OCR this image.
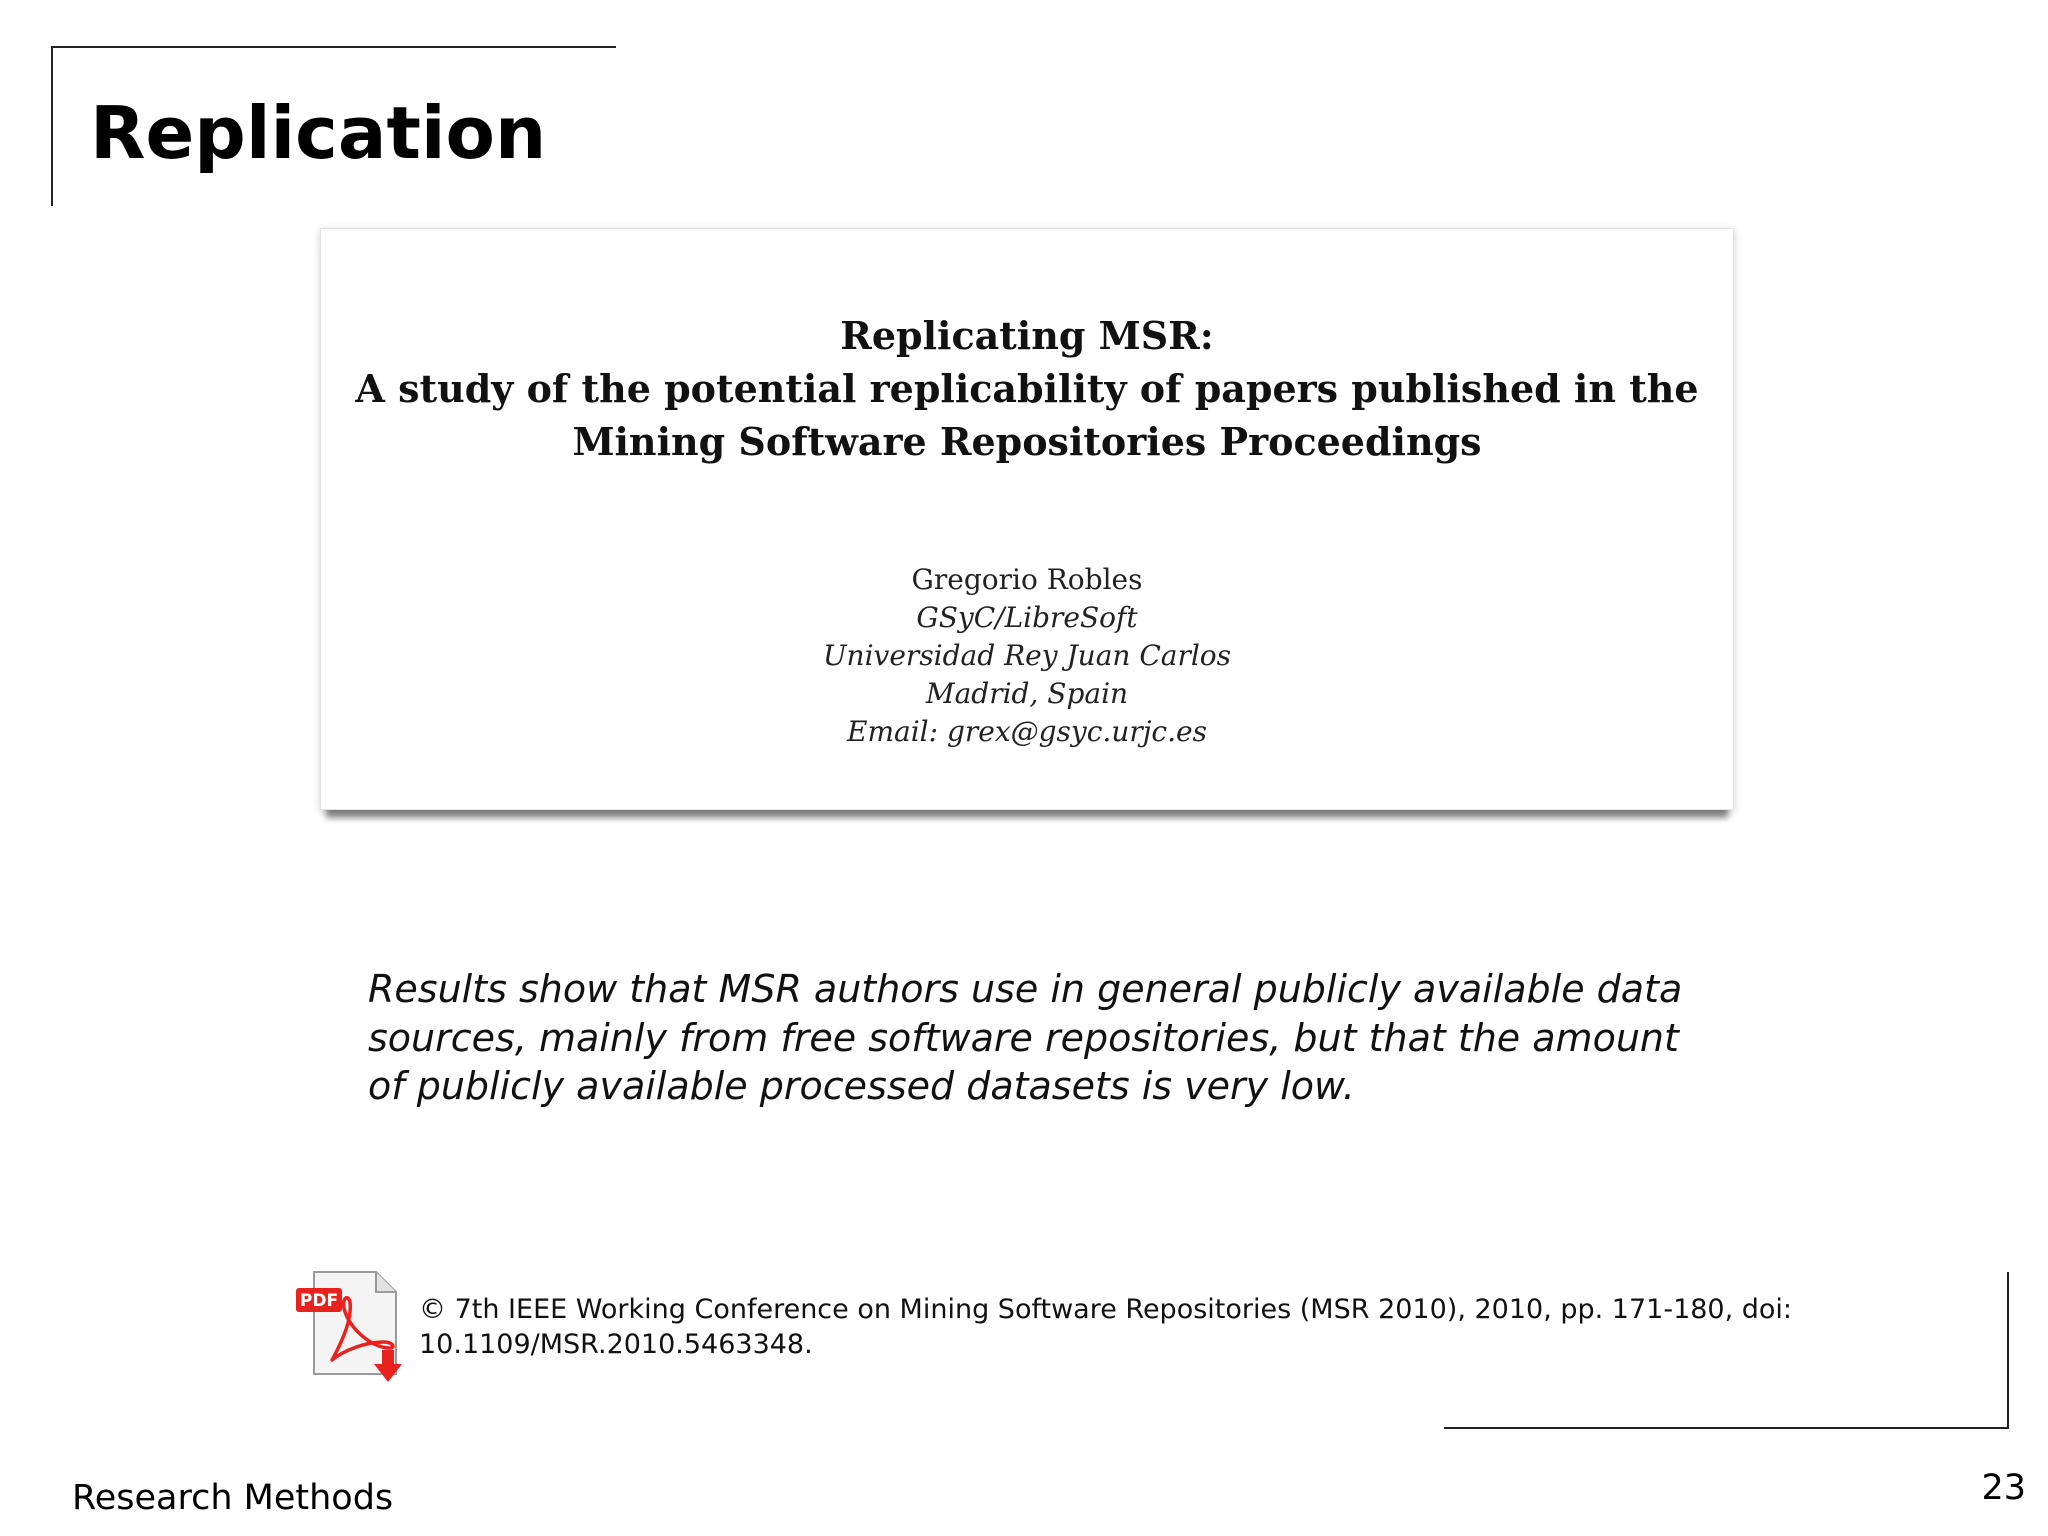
Replication
Replicating MSR:
A study of the potential replicability of papers published in the
Mining Software Repositories Proceedings
Gregorio Robles
GSyC/LibreSoft
Universidad Rey Juan Carlos
Madrid, Spain
Email: grex@gsyc.urjc.es
Results show that MSR authors use in general publicly available data
sources, mainly from free software repositories, but that the amount
of publicly available processed datasets is very low.
PDF	© 7th IEEE Working Conference on Mining Software Repositories (MSR 2010), 2010, pp. 171-180, doi:
10.1109/MSR.2010.5463348.
Research Methods	23
